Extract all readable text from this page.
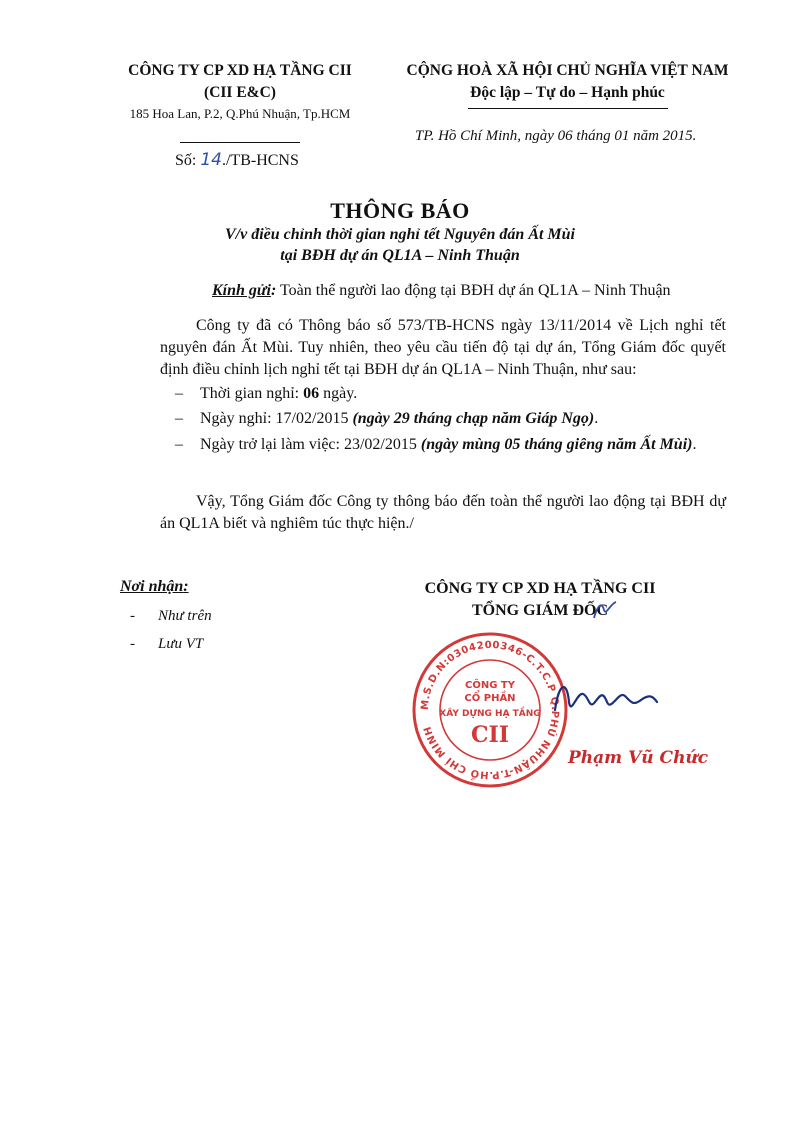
CÔNG TY CP XD HẠ TẦNG CII
(CII E&C)
185 Hoa Lan, P.2, Q.Phú Nhuận, Tp.HCM
Số: 14./TB-HCNS
CỘNG HOÀ XÃ HỘI CHỦ NGHĨA VIỆT NAM
Độc lập – Tự do – Hạnh phúc
TP. Hồ Chí Minh, ngày 06 tháng 01 năm 2015.
THÔNG BÁO
V/v điều chỉnh thời gian nghỉ tết Nguyên đán Ất Mùi
tại BĐH dự án QL1A – Ninh Thuận
Kính gửi: Toàn thể người lao động tại BĐH dự án QL1A – Ninh Thuận
Công ty đã có Thông báo số 573/TB-HCNS ngày 13/11/2014 về Lịch nghỉ tết nguyên đán Ất Mùi. Tuy nhiên, theo yêu cầu tiến độ tại dự án, Tổng Giám đốc quyết định điều chỉnh lịch nghỉ tết tại BĐH dự án QL1A – Ninh Thuận, như sau:
– Thời gian nghỉ: 06 ngày.
– Ngày nghỉ: 17/02/2015 (ngày 29 tháng chạp năm Giáp Ngọ).
– Ngày trở lại làm việc: 23/02/2015 (ngày mùng 05 tháng giêng năm Ất Mùi).
Vậy, Tổng Giám đốc Công ty thông báo đến toàn thể người lao động tại BĐH dự án QL1A biết và nghiêm túc thực hiện./
Nơi nhận:
- Như trên
- Lưu VT
CÔNG TY CP XD HẠ TẦNG CII
TỔNG GIÁM ĐỐC
M.S.D.N:0304200346-C.T.C.P Q.PHÚ NHUẬN-T.P.HỒ CHÍ MINH
CÔNG TY
CỔ PHẦN
XÂY DỰNG HẠ TẦNG
CII
Phạm Vũ Chức
